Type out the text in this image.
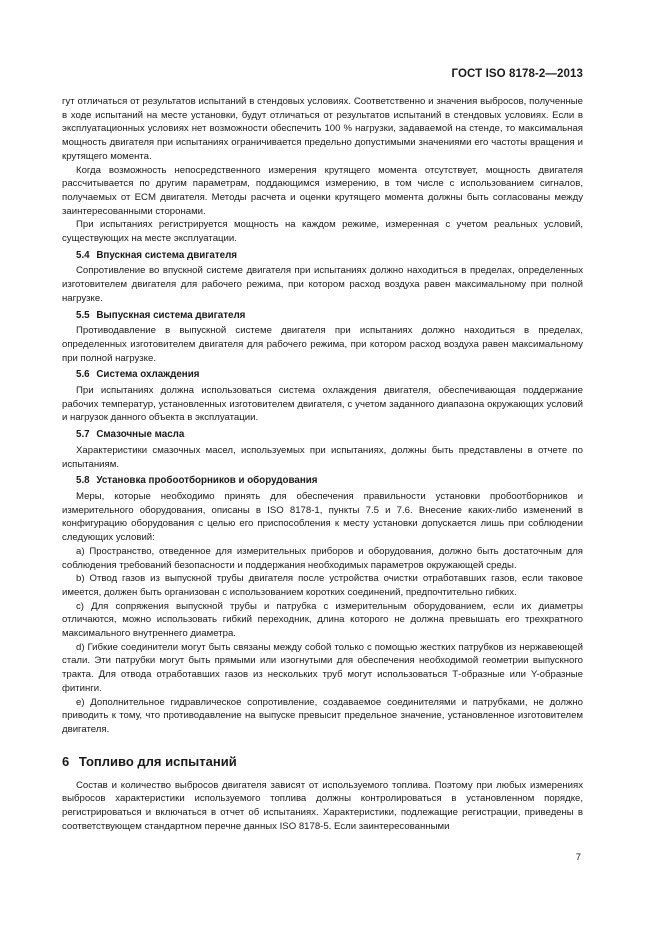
ГОСТ ISO 8178-2—2013

гут отличаться от результатов испытаний в стендовых условиях. Соответственно и значения выбросов, полученные в ходе испытаний на месте установки, будут отличаться от результатов испытаний в стендовых условиях. Если в эксплуатационных условиях нет возможности обеспечить 100 % нагрузки, задаваемой на стенде, то максимальная мощность двигателя при испытаниях ограничивается предельно допустимыми значениями его частоты вращения и крутящего момента.

Когда возможность непосредственного измерения крутящего момента отсутствует, мощность двигателя рассчитывается по другим параметрам, поддающимся измерению, в том числе с использованием сигналов, получаемых от ECM двигателя. Методы расчета и оценки крутящего момента должны быть согласованы между заинтересованными сторонами.

При испытаниях регистрируется мощность на каждом режиме, измеренная с учетом реальных условий, существующих на месте эксплуатации.

5.4 Впускная система двигателя

Сопротивление во впускной системе двигателя при испытаниях должно находиться в пределах, определенных изготовителем двигателя для рабочего режима, при котором расход воздуха равен максимальному при полной нагрузке.

5.5 Выпускная система двигателя

Противодавление в выпускной системе двигателя при испытаниях должно находиться в пределах, определенных изготовителем двигателя для рабочего режима, при котором расход воздуха равен максимальному при полной нагрузке.

5.6 Система охлаждения

При испытаниях должна использоваться система охлаждения двигателя, обеспечивающая поддержание рабочих температур, установленных изготовителем двигателя, с учетом заданного диапазона окружающих условий и нагрузок данного объекта в эксплуатации.

5.7 Смазочные масла

Характеристики смазочных масел, используемых при испытаниях, должны быть представлены в отчете по испытаниям.

5.8 Установка пробоотборников и оборудования

Меры, которые необходимо принять для обеспечения правильности установки пробоотборников и измерительного оборудования, описаны в ISO 8178-1, пункты 7.5 и 7.6. Внесение каких-либо изменений в конфигурацию оборудования с целью его приспособления к месту установки допускается лишь при соблюдении следующих условий:

а) Пространство, отведенное для измерительных приборов и оборудования, должно быть достаточным для соблюдения требований безопасности и поддержания необходимых параметров окружающей среды.

b) Отвод газов из выпускной трубы двигателя после устройства очистки отработавших газов, если таковое имеется, должен быть организован с использованием коротких соединений, предпочтительно гибких.

с) Для сопряжения выпускной трубы и патрубка с измерительным оборудованием, если их диаметры отличаются, можно использовать гибкий переходник, длина которого не должна превышать его трехкратного максимального внутреннего диаметра.

d) Гибкие соединители могут быть связаны между собой только с помощью жестких патрубков из нержавеющей стали. Эти патрубки могут быть прямыми или изогнутыми для обеспечения необходимой геометрии выпускного тракта. Для отвода отработавших газов из нескольких труб могут использоваться Т-образные или Y-образные фитинги.

е) Дополнительное гидравлическое сопротивление, создаваемое соединителями и патрубками, не должно приводить к тому, что противодавление на выпуске превысит предельное значение, установленное изготовителем двигателя.

6 Топливо для испытаний

Состав и количество выбросов двигателя зависят от используемого топлива. Поэтому при любых измерениях выбросов характеристики используемого топлива должны контролироваться в установленном порядке, регистрироваться и включаться в отчет об испытаниях. Характеристики, подлежащие регистрации, приведены в соответствующем стандартном перечне данных ISO 8178-5. Если заинтересованными

7
